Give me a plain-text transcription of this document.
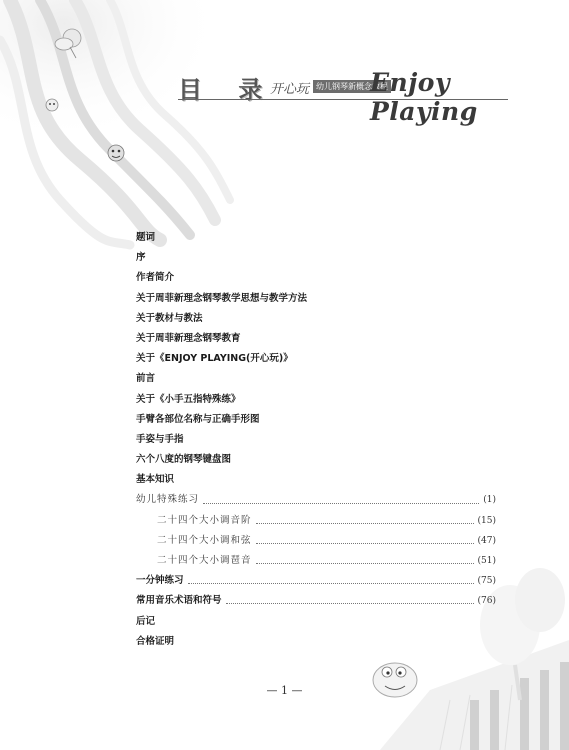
目 录
开心玩 幼儿钢琴新概念教程
Enjoy Playing
题词
序
作者简介
关于周菲新理念钢琴教学思想与教学方法
关于教材与教法
关于周菲新理念钢琴教育
关于《ENJOY PLAYING(开心玩)》
前言
关于《小手五指特殊练》
手臂各部位名称与正确手形图
手姿与手指
六个八度的钢琴键盘图
基本知识
幼儿特殊练习	(1)
二十四个大小调音阶	(15)
二十四个大小调和弦	(47)
二十四个大小调琶音	(51)
一分钟练习	(75)
常用音乐术语和符号	(76)
后记
合格证明
— 1 —
